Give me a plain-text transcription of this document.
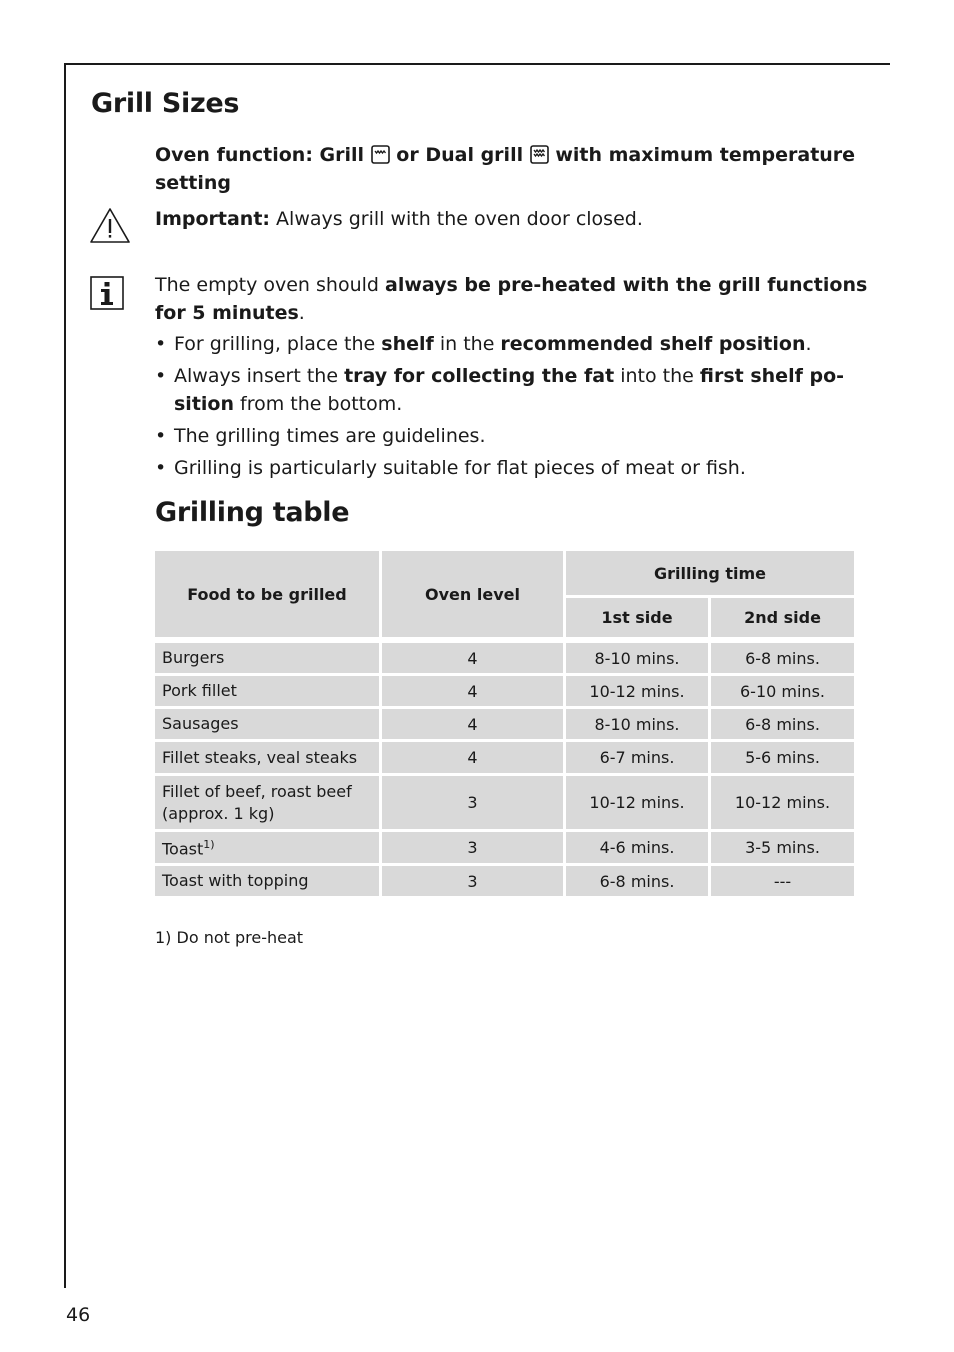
Grill Sizes

Oven function: Grill or Dual grill with maximum temperature setting

Important: Always grill with the oven door closed.

The empty oven should always be pre-heated with the grill functions for 5 minutes.

• For grilling, place the shelf in the recommended shelf position.
• Always insert the tray for collecting the fat into the first shelf po-sition from the bottom.
• The grilling times are guidelines.
• Grilling is particularly suitable for flat pieces of meat or fish.
Grilling table
Food to be grilled	Oven level	Grilling time	
		1st side	2nd side

Burgers	4	8-10 mins.	6-8 mins.
Pork fillet	4	10-12 mins.	6-10 mins.
Sausages	4	8-10 mins.	6-8 mins.
Fillet steaks, veal steaks	4	6-7 mins.	5-6 mins.
Fillet of beef, roast beef (approx. 1 kg)	3	10-12 mins.	10-12 mins.
Toast$^{1)}$	3	4-6 mins.	3-5 mins.
Toast with topping	3	6-8 mins.	---

1) Do not pre-heat

46
